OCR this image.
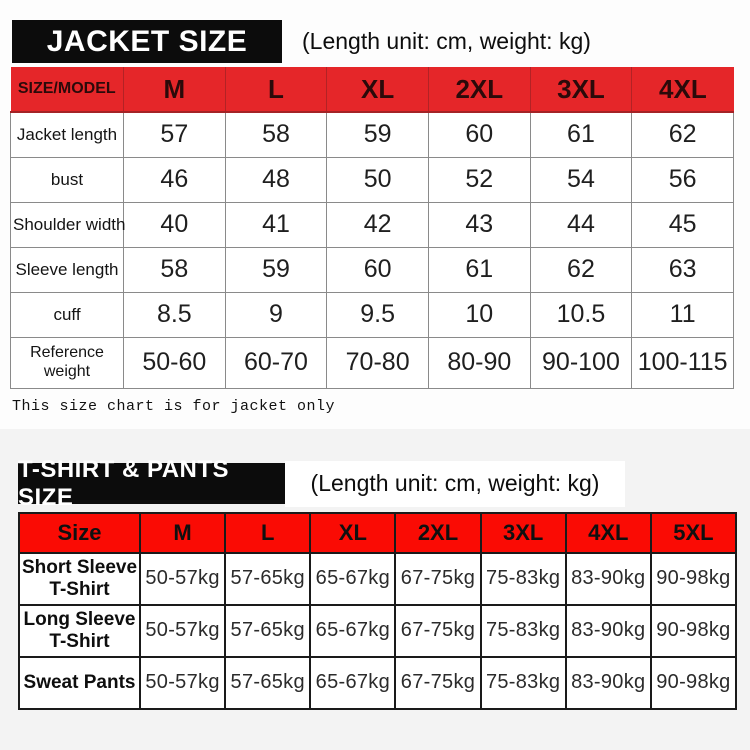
JACKET SIZE (Length unit: cm, weight: kg)
SIZE/MODEL	M	L	XL	2XL	3XL	4XL
Jacket length	57	58	59	60	61	62
bust	46	48	50	52	54	56
Shoulder width	40	41	42	43	44	45
Sleeve length	58	59	60	61	62	63
cuff	8.5	9	9.5	10	10.5	11
Reference weight	50-60	60-70	70-80	80-90	90-100	100-115
This size chart is for jacket only
T-SHIRT & PANTS SIZE
(Length unit: cm, weight: kg)
Size	M	L	XL	2XL	3XL	4XL	5XL
Short Sleeve T-Shirt	50-57kg	57-65kg	65-67kg	67-75kg	75-83kg	83-90kg	90-98kg
Long Sleeve T-Shirt	50-57kg	57-65kg	65-67kg	67-75kg	75-83kg	83-90kg	90-98kg
Sweat Pants	50-57kg	57-65kg	65-67kg	67-75kg	75-83kg	83-90kg	90-98kg
